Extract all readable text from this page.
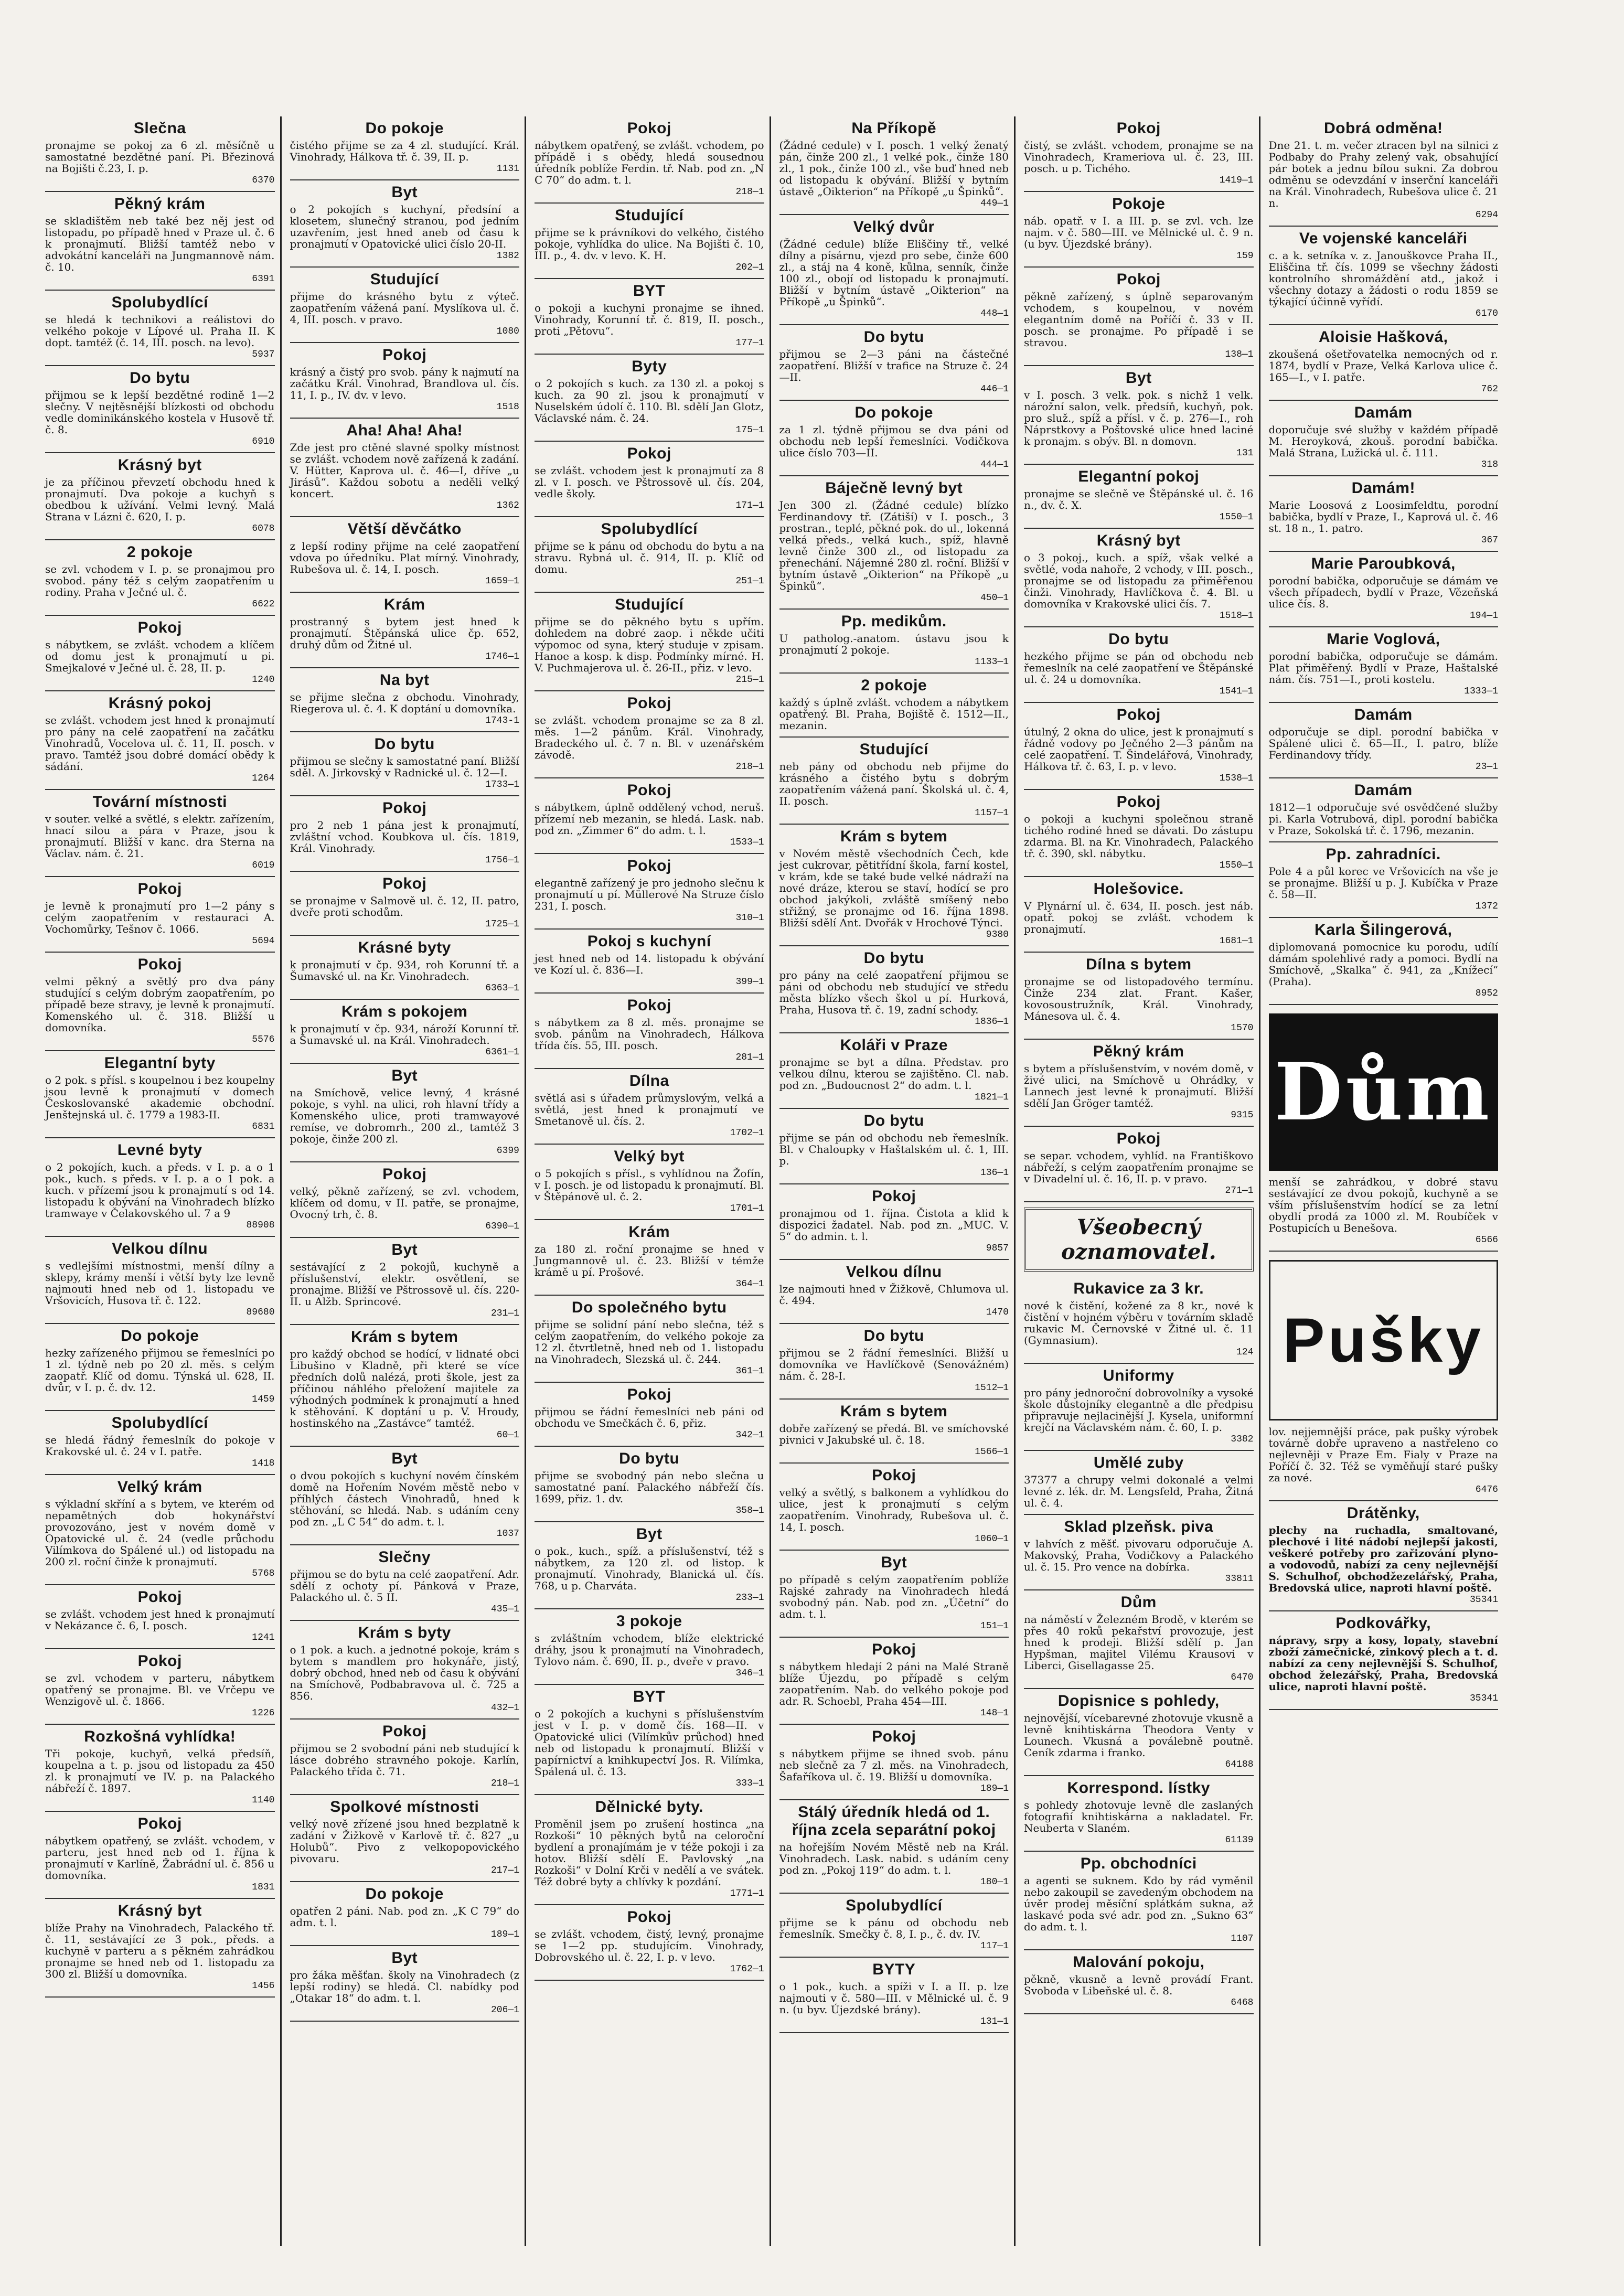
Slečna

pronajme se pokoj za 6 zl. měsíčně u samostatné bezdětné paní. Pi. Březinová na Bojišti č.23, I. p.

6370
Pěkný krám

se skladištěm neb také bez něj jest od listopadu, po případě hned v Praze ul. č. 6 k pronajmutí. Bližší tamtéž nebo v advokátní kanceláři na Jungmannově nám. č. 10.

6391
Spolubydlící

se hledá k technikovi a reálistovi do velkého pokoje v Lípové ul. Praha II. K dopt. tamtéž (č. 14, III. posch. na levo).

5937
Do bytu

přijmou se k lepší bezdětné rodině 1—2 slečny. V nejtěsnější blízkosti od obchodu vedle dominikánského kostela v Husově tř. č. 8.

6910
Krásný byt

je za příčinou převzetí obchodu hned k pronajmutí. Dva pokoje a kuchyň s obedbou k užívání. Velmi levný. Malá Strana v Lázni č. 620, I. p.

6078
2 pokoje

se zvl. vchodem v I. p. se pronajmou pro svobod. pány též s celým zaopatřením u rodiny. Praha v Ječné ul. č.

6622
Pokoj

s nábytkem, se zvlášt. vchodem a klíčem od domu jest k pronajmutí u pi. Smejkalové v Ječné ul. č. 28, II. p.

1240
Krásný pokoj

se zvlášt. vchodem jest hned k pronajmutí pro pány na celé zaopatření na začátku Vinohradů, Vocelova ul. č. 11, II. posch. v pravo. Tamtéž jsou dobré domácí obědy k sádání.

1264
Tovární místnosti

v souter. velké a světlé, s elektr. zařízením, hnací silou a pára v Praze, jsou k pronajmutí. Bližší v kanc. dra Sterna na Václav. nám. č. 21.

6019
Pokoj

je levně k pronajmutí pro 1—2 pány s celým zaopatřením v restauraci A. Vochomůrky, Tešnov č. 1066.

5694
Pokoj

velmi pěkný a světlý pro dva pány studující s celým dobrým zaopatřením, po případě beze stravy, je levně k pronajmutí. Komenského ul. č. 318. Bližší u domovníka.

5576
Elegantní byty

o 2 pok. s přísl. s koupelnou i bez koupelny jsou levně k pronajmutí v domech Českoslovanské akademie obchodní. Jenštejnská ul. č. 1779 a 1983-II.

6831
Levné byty

o 2 pokojích, kuch. a předs. v I. p. a o 1 pok., kuch. s předs. v I. p. a o 1 pok. a kuch. v přízemí jsou k pronajmutí s od 14. listopadu k obývání na Vinohradech blízko tramwaye v Čelakovského ul. 7 a 9

88908
Velkou dílnu

s vedlejšími místnostmi, menší dílny a sklepy, krámy menší i větší byty lze levně najmouti hned neb od 1. listopadu ve Vršovicích, Husova tř. č. 122.

89680
Do pokoje

hezky zařízeného přijmou se řemeslníci po 1 zl. týdně neb po 20 zl. měs. s celým zaopatř. Klíč od domu. Týnská ul. 628, II. dvůr, v I. p. č. dv. 12.

1459
Spolubydlící

se hledá řádný řemeslník do pokoje v Krakovské ul. č. 24 v I. patře.

1418
Velký krám

s výkladní skříní a s bytem, ve kterém od nepamětných dob hokynářství provozováno, jest v novém domě v Opatovické ul. č. 24 (vedle průchodu Vilímkova do Spálené ul.) od listopadu na 200 zl. roční činže k pronajmutí.

5768
Pokoj

se zvlášt. vchodem jest hned k pronajmutí v Nekázance č. 6, I. posch.

1241
Pokoj

se zvl. vchodem v parteru, nábytkem opatřený se pronajme. Bl. ve Vrčepu ve Wenzigově ul. č. 1866.

1226
Rozkošná vyhlídka!

Tři pokoje, kuchyň, velká předsíň, koupelna a t. p. jsou od listopadu za 450 zl. k pronajmutí ve IV. p. na Palackého nábřeží č. 1897.

1140
Pokoj

nábytkem opatřený, se zvlášt. vchodem, v parteru, jest hned neb od 1. října k pronajmutí v Karlíně, Žabrádní ul. č. 856 u domovníka.

1831
Krásný byt

blíže Prahy na Vinohradech, Palackého tř. č. 11, sestávající ze 3 pok., předs. a kuchyně v parteru a s pěkném zahrádkou pronajme se hned neb od 1. listopadu za 300 zl. Bližší u domovníka.

1456
Do pokoje

čistého přijme se za 4 zl. studující. Král. Vinohrady, Hálkova tř. č. 39, II. p.

1131
Byt

o 2 pokojích s kuchyní, předsíní a klosetem, slunečný stranou, pod jedním uzavřením, jest hned aneb od času k pronajmutí v Opatovické ulici číslo 20-II.

1382
Studující

přijme do krásného bytu z výteč. zaopatřením vážená paní. Myslíkova ul. č. 4, III. posch. v pravo.

1080
Pokoj

krásný a čistý pro svob. pány k najmutí na začátku Král. Vinohrad, Brandlova ul. čís. 11, I. p., IV. dv. v levo.

1518
Aha! Aha! Aha!

Zde jest pro ctěné slavné spolky místnost se zvlášt. vchodem nově zařízená k zadání. V. Hütter, Kaprova ul. č. 46—I, dříve „u Jirásů“. Každou sobotu a neděli velký koncert.

1362
Větší děvčátko

z lepší rodiny přijme na celé zaopatření vdova po úředníku. Plat mírný. Vinohrady, Rubešova ul. č. 14, I. posch.

1659—1
Krám

prostranný s bytem jest hned k pronajmutí. Štěpánská ulice čp. 652, druhý dům od Žitné ul.

1746—1
Na byt

se přijme slečna z obchodu. Vinohrady, Riegerova ul. č. 4. K doptání u domovníka.

1743-1
Do bytu

přijmou se slečny k samostatné paní. Bližší sděl. A. Jirkovský v Radnické ul. č. 12—I.

1733—1
Pokoj

pro 2 neb 1 pána jest k pronajmutí, zvláštní vchod. Koubkova ul. čís. 1819, Král. Vinohrady.

1756—1
Pokoj

se pronajme v Salmově ul. č. 12, II. patro, dveře proti schodům.

1725—1
Krásné byty

k pronajmutí v čp. 934, roh Korunní tř. a Šumavské ul. na Kr. Vinohradech.

6363—1
Krám s pokojem

k pronajmutí v čp. 934, nároží Korunní tř. a Šumavské ul. na Král. Vinohradech.

6361—1
Byt

na Smíchově, velice levný, 4 krásné pokoje, s vyhl. na ulici, roh hlavní třídy a Komenského ulice, proti tramwayové remíse, ve dobromrh., 200 zl., tamtéž 3 pokoje, činže 200 zl.

6399
Pokoj

velký, pěkně zařízený, se zvl. vchodem, klíčem od domu, v II. patře, se pronajme, Ovocný trh, č. 8.

6390—1
Byt

sestávající z 2 pokojů, kuchyně a příslušenství, elektr. osvětlení, se pronajme. Bližší ve Pštrossově ul. čís. 220-II. u Alžb. Sprincové.

231—1
Krám s bytem

pro každý obchod se hodící, v lidnaté obci Libušino v Kladně, při které se více předních dolů nalézá, proti škole, jest za příčinou náhlého přeložení majitele za výhodných podmínek k pronajmutí a hned k stěhování. K doptání u p. V. Hroudy, hostinského na „Zastávce“ tamtéž.

60—1
Byt

o dvou pokojích s kuchyní novém čínském domě na Hořením Novém městě nebo v příhlých částech Vinohradů, hned k stěhování, se hledá. Nab. s udáním ceny pod zn. „L C 54“ do adm. t. l.

1037
Slečny

přijmou se do bytu na celé zaopatření. Adr. sdělí z ochoty pí. Pánková v Praze, Palackého ul. č. 5 II.

435—1
Krám s byty

o 1 pok. a kuch. a jednotné pokoje, krám s bytem s mandlem pro hokynáře, jistý, dobrý obchod, hned neb od času k obývání na Smíchově, Podbabravova ul. č. 725 a 856.

432—1
Pokoj

přijmou se 2 svobodní páni neb studující k lásce dobrého stravného pokoje. Karlín, Palackého třída č. 71.

218—1
Spolkové místnosti

velký nově zřízené jsou hned bezplatně k zadání v Žižkově v Karlově tř. č. 827 „u Holubů“. Pivo z velkopopovického pivovaru.

217—1
Do pokoje

opatřen 2 páni. Nab. pod zn. „K C 79“ do adm. t. l.

189—1
Byt

pro žáka měšťan. školy na Vinohradech (z lepší rodiny) se hledá. Cl. nabídky pod „Otakar 18“ do adm. t. l.

206—1
Pokoj

nábytkem opatřený, se zvlášt. vchodem, po přípádě i s obědy, hledá sousednou úředník poblíže Ferdin. tř. Nab. pod zn. „N C 70“ do adm. t. l.

218—1
Studující

přijme se k právníkovi do velkého, čistého pokoje, vyhlídka do ulice. Na Bojišti č. 10, III. p., 4. dv. v levo. K. H.

202—1
BYT

o pokoji a kuchyni pronajme se ihned. Vinohrady, Korunní tř. č. 819, II. posch., proti „Pětovu“.

177—1
Byty

o 2 pokojích s kuch. za 130 zl. a pokoj s kuch. za 90 zl. jsou k pronajmutí v Nuselském údolí č. 110. Bl. sdělí Jan Glotz, Václavské nám. č. 24.

175—1
Pokoj

se zvlášt. vchodem jest k pronajmutí za 8 zl. v I. posch. ve Pštrossově ul. čís. 204, vedle školy.

171—1
Spolubydlící

přijme se k pánu od obchodu do bytu a na stravu. Rybná ul. č. 914, II. p. Klíč od domu.

251—1
Studující

přijme se do pěkného bytu s upřím. dohledem na dobré zaop. i někde učiti výpomoc od syna, který studuje v zpisam. Hanoe a kosp. k disp. Podmínky mírné. H. V. Puchmajerova ul. č. 26-II., přiz. v levo.

215—1
Pokoj

se zvlášt. vchodem pronajme se za 8 zl. měs. 1—2 pánům. Král. Vinohrady, Bradeckého ul. č. 7 n. Bl. v uzenářském závodě.

218—1
Pokoj

s nábytkem, úplně oddělený vchod, neruš. přízemí neb mezanin, se hledá. Lask. nab. pod zn. „Zimmer 6“ do adm. t. l.

1533—1
Pokoj

elegantně zařízený je pro jednoho slečnu k pronajmutí u pí. Müllerové Na Struze číslo 231, I. posch.

310—1
Pokoj s kuchyní

jest hned neb od 14. listopadu k obývání ve Kozí ul. č. 836—I.

399—1
Pokoj

s nábytkem za 8 zl. měs. pronajme se svob. pánům na Vinohradech, Hálkova třída čís. 55, III. posch.

281—1
Dílna

světlá asi s úřadem průmyslovým, velká a světlá, jest hned k pronajmutí ve Smetanově ul. čís. 2.

1702—1
Velký byt

o 5 pokojích s přísl., s vyhlídnou na Žofín, v I. posch. je od listopadu k pronajmutí. Bl. v Štěpánově ul. č. 2.

1701—1
Krám

za 180 zl. roční pronajme se hned v Jungmannově ul. č. 23. Bližší v témže krámě u pí. Prošové.

364—1
Do společného bytu

přijme se solidní pání nebo slečna, též s celým zaopatřením, do velkého pokoje za 12 zl. čtvrtletně, hned neb od 1. listopadu na Vinohradech, Slezská ul. č. 244.

361—1
Pokoj

přijmou se řádní řemeslníci neb páni od obchodu ve Smečkách č. 6, přiz.

342—1
Do bytu

přijme se svobodný pán nebo slečna u samostatné paní. Palackého nábřeží čís. 1699, přiz. 1. dv.

358—1
Byt

o pok., kuch., spíž. a příslušenství, též s nábytkem, za 120 zl. od listop. k pronajmutí. Vinohrady, Blanická ul. čís. 768, u p. Charváta.

233—1
3 pokoje

s zvláštním vchodem, blíže elektrické dráhy, jsou k pronajmutí na Vinohradech, Tylovo nám. č. 690, II. p., dveře v pravo.

346—1
BYT

o 2 pokojích a kuchyni s příslušenstvím jest v I. p. v domě čís. 168—II. v Opatovické ulici (Vilímkův průchod) hned neb od listopadu k pronajmutí. Bližší v papírnictví a knihkupectví Jos. R. Vilímka, Spálená ul. č. 13.

333—1
Dělnické byty.

Proměnil jsem po zrušení hostinca „na Rozkoši“ 10 pěkných bytů na celoroční bydlení a pronajímám je v téže pokoji i za hotov. Bližší sdělí E. Pavlovský „na Rozkoši“ v Dolní Krči v nedělí a ve svátek. Též dobré byty a chlívky k pozdání.

1771—1
Pokoj

se zvlášt. vchodem, čistý, levný, pronajme se 1—2 pp. studujícím. Vinohrady, Dobrovského ul. č. 22, I. p. v levo.

1762—1
Na Příkopě

(Žádné cedule) v I. posch. 1 velký ženatý pán, činže 200 zl., 1 velké pok., činže 180 zl., 1 pok., činže 100 zl., vše buď hned neb od listopadu k obývání. Bližší v bytním ústavě „Oikterion“ na Příkopě „u Špinků“.

449—1
Velký dvůr

(Žádné cedule) blíže Eliščiny tř., velké dílny a písárnu, vjezd pro sebe, činže 600 zl., a stáj na 4 koně, kůlna, senník, činže 100 zl., obojí od listopadu k pronajmutí. Bližší v bytním ústavě „Oikterion“ na Příkopě „u Špinků“.

448—1
Do bytu

přijmou se 2—3 páni na částečné zaopatření. Bližší v trafice na Struze č. 24—II.

446—1
Do pokoje

za 1 zl. týdně přijmou se dva páni od obchodu neb lepší řemeslníci. Vodičkova ulice číslo 703—II.

444—1
Báječně levný byt

Jen 300 zl. (Žádné cedule) blízko Ferdinandovy tř. (Zátiší) v I. posch., 3 prostran., teplé, pěkné pok. do ul., lokenná velká předs., velká kuch., spíž, hlavně levně činže 300 zl., od listopadu za přenechání. Nájemné 280 zl. roční. Bližší v bytním ústavě „Oikterion“ na Příkopě „u Špinků“.

450—1
Pp. medikům.

U patholog.-anatom. ústavu jsou k pronajmutí 2 pokoje.

1133—1
2 pokoje

každý s úplně zvlášt. vchodem a nábytkem opatřený. Bl. Praha, Bojiště č. 1512—II., mezanin.

Studující

neb pány od obchodu neb přijme do krásného a čistého bytu s dobrým zaopatřením vážená paní. Školská ul. č. 4, II. posch.

1157—1
Krám s bytem

v Novém městě všechodních Čech, kde jest cukrovar, pětitřídní škola, farní kostel, v krám, kde se také bude velké nádraží na nové dráze, kterou se staví, hodící se pro obchod jakýkoli, zvláště smíšený nebo střižný, se pronajme od 16. října 1898. Bližší sdělí Ant. Dvořák v Hrochové Týnci.

9380
Do bytu

pro pány na celé zaopatření přijmou se páni od obchodu neb studující ve středu města blízko všech škol u pí. Hurková, Praha, Husova tř. č. 19, zadní schody.

1836—1
Koláři v Praze

pronajme se byt a dílna. Představ. pro velkou dílnu, kterou se zajištěno. Cl. nab. pod zn. „Budoucnost 2“ do adm. t. l.

1821—1
Do bytu

přijme se pán od obchodu neb řemeslník. Bl. v Chaloupky v Haštalském ul. č. 1, III. p.

136—1
Pokoj

pronajmou od 1. října. Čistota a klid k dispozici žadatel. Nab. pod zn. „MUC. V. 5“ do admin. t. l.

9857
Velkou dílnu

lze najmouti hned v Žižkově, Chlumova ul. č. 494.

1470
Do bytu

přijmou se 2 řádní řemeslníci. Bližší u domovníka ve Havlíčkově (Senovážném) nám. č. 28-I.

1512—1
Krám s bytem

dobře zařízený se předá. Bl. ve smíchovské pivnici v Jakubské ul. č. 18.

1566—1
Pokoj

velký a světlý, s balkonem a vyhlídkou do ulice, jest k pronajmutí s celým zaopatřením. Vinohrady, Rubešova ul. č. 14, I. posch.

1060—1
Byt

po případě s celým zaopatřením poblíže Rajské zahrady na Vinohradech hledá svobodný pán. Nab. pod zn. „Účetní“ do adm. t. l.

151—1
Pokoj

s nábytkem hledají 2 páni na Malé Straně blíže Újezdu, po případě s celým zaopatřením. Nab. do velkého pokoje pod adr. R. Schoebl, Praha 454—III.

148—1
Pokoj

s nábytkem přijme se ihned svob. pánu neb slečně za 7 zl. měs. na Vinohradech, Šafaříkova ul. č. 19. Bližší u domovníka.

189—1
Stálý úředník hledá od 1. října zcela separátní pokoj

na hořejším Novém Městě neb na Král. Vinohradech. Lask. nabid. s udáním ceny pod zn. „Pokoj 119“ do adm. t. l.

180—1
Spolubydlící

přijme se k pánu od obchodu neb řemeslník. Smečky č. 8, I. p., č. dv. IV.

117—1
BYTY

o 1 pok., kuch. a spíži v I. a II. p. lze najmouti v č. 580—III. v Mělnické ul. č. 9 n. (u byv. Újezdské brány).

131—1
Pokoj

čistý, se zvlášt. vchodem, pronajme se na Vinohradech, Krameriova ul. č. 23, III. posch. u p. Tichého.

1419—1
Pokoje

náb. opatř. v I. a III. p. se zvl. vch. lze najm. v č. 580—III. ve Mělnické ul. č. 9 n. (u byv. Újezdské brány).

159
Pokoj

pěkně zařízený, s úplně separovaným vchodem, s koupelnou, v novém elegantním domě na Poříčí č. 33 v II. posch. se pronajme. Po případě i se stravou.

138—1
Byt

v I. posch. 3 velk. pok. s nichž 1 velk. nárožní salon, velk. předsíň, kuchyň, pok. pro služ., spíž a přísl. v č. p. 276—I., roh Náprstkovy a Poštovské ulice hned laciné k pronajm. s obýv. Bl. n domovn.

131
Elegantní pokoj

pronajme se slečně ve Štěpánské ul. č. 16 n., dv. č. X.

1550—1
Krásný byt

o 3 pokoj., kuch. a spíž, však velké a světlé, voda nahoře, 2 vchody, v III. posch., pronajme se od listopadu za přiměřenou činži. Vinohrady, Havlíčkova č. 4. Bl. u domovníka v Krakovské ulici čís. 7.

1518—1
Do bytu

hezkého přijme se pán od obchodu neb řemeslník na celé zaopatření ve Štěpánské ul. č. 24 u domovníka.

1541—1
Pokoj

útulný, 2 okna do ulice, jest k pronajmutí s řádně vodovy po Ječného 2—3 pánům na celé zaopatření. T. Šindelářová, Vinohrady, Hálkova tř. č. 63, I. p. v levo.

1538—1
Pokoj

o pokoji a kuchyni společnou straně tichého rodiné hned se dávati. Do zástupu zdarma. Bl. na Kr. Vinohradech, Palackého tř. č. 390, skl. nábytku.

1550—1
Holešovice.

V Plynární ul. č. 634, II. posch. jest náb. opatř. pokoj se zvlášt. vchodem k pronajmutí.

1681—1
Dílna s bytem

pronajme se od listopadového termínu. Činže 234 zlat. Frant. Kašer, kovosoustružník, Král. Vinohrady, Mánesova ul. č. 4.

1570
Pěkný krám

s bytem a příslušenstvím, v novém domě, v živé ulici, na Smíchově u Ohrádky, v Lannech jest levné k pronajmutí. Bližší sdělí Jan Gröger tamtéž.

9315
Pokoj

se separ. vchodem, vyhlíd. na Františkovo nábřeží, s celým zaopatřením pronajme se v Divadelní ul. č. 16, II. p. v pravo.

271—1
Všeobecný oznamovatel.
Rukavice za 3 kr.

nové k čistění, kožené za 8 kr., nové k čistění v hojném výběru v továrním skladě rukavic M. Černovské v Žitné ul. č. 11 (Gymnasium).

124
Uniformy

pro pány jednoroční dobrovolníky a vysoké škole důstojníky elegantně a dle předpisu připravuje nejlacinější J. Kysela, uniformní krejčí na Václavském nám. č. 60, I. p.

3382
Umělé zuby

37377 a chrupy velmi dokonalé a velmi levné z. lék. dr. M. Lengsfeld, Praha, Žitná ul. č. 4.

Sklad plzeňsk. piva

v lahvích z měšť. pivovaru odporučuje A. Makovský, Praha, Vodičkovy a Palackého ul. č. 15. Pro vence na dobírka.

33811
Dům

na náměstí v Železném Brodě, v kterém se přes 40 roků pekařství provozuje, jest hned k prodeji. Bližší sdělí p. Jan Hypšman, majitel Vilému Krausovi v Liberci, Gisellagasse 25.

6470
Dopisnice s pohledy,

nejnovější, vícebarevné zhotovuje vkusně a levně knihtiskárna Theodora Venty v Lounech. Vkusná a poválebně poutně. Ceník zdarma i franko.

64188
Korrespond. lístky

s pohledy zhotovuje levně dle zaslaných fotografií knihtiskárna a nakladatel. Fr. Neuberta v Slaném.

61139
Pp. obchodníci

a agenti se suknem. Kdo by rád vyměnil nebo zakoupil se zavedeným obchodem na úvěr prodej měsíční splátkám sukna, až laskavé poda své adr. pod zn. „Sukno 63“ do adm. t. l.

1107
Malování pokoju,

pěkně, vkusně a levně provádí Frant. Svoboda v Libeňské ul. č. 8.

6468
Dobrá odměna!

Dne 21. t. m. večer ztracen byl na silnici z Podbaby do Prahy zelený vak, obsahující pár botek a jednu bílou sukni. Za dobrou odměnu se odevzdání v inserční kanceláři na Král. Vinohradech, Rubešova ulice č. 21 n.

6294
Ve vojenské kanceláři

c. a k. setníka v. z. Janouškovce Praha II., Eliščina tř. čís. 1099 se všechny žádosti kontrolního shromáždění atd., jakož i všechny dotazy a žádosti o rodu 1859 se týkající účinně vyřídí.

6170
Aloisie Hašková,

zkoušená ošetřovatelka nemocných od r. 1874, bydlí v Praze, Velká Karlova ulice č. 165—I., v I. patře.

762
Damám

doporučuje své služby v každém případě M. Heroyková, zkouš. porodní babička. Malá Strana, Lužická ul. č. 111.

318
Damám!

Marie Loosová z Loosimfeldtu, porodní babička, bydlí v Praze, I., Kaprová ul. č. 46 st. 18 n., 1. patro.

367
Marie Paroubková,

porodní babička, odporučuje se dámám ve všech případech, bydlí v Praze, Vězeňská ulice čís. 8.

194—1
Marie Voglová,

porodní babička, odporučuje se dámám. Plat přiměřený. Bydlí v Praze, Haštalské nám. čís. 751—I., proti kostelu.

1333—1
Damám

odporučuje se dipl. porodní babička v Spálené ulici č. 65—II., I. patro, blíže Ferdinandovy třídy.

23—1
Damám

1812—1 odporučuje své osvědčené služby pi. Karla Votrubová, dipl. porodní babička v Praze, Sokolská tř. č. 1796, mezanin.

Pp. zahradníci.

Pole 4 a půl korec ve Vršovicích na vše je se pronajme. Bližší u p. J. Kubíčka v Praze č. 58—II.

1372
Karla Šilingerová,

diplomovaná pomocnice ku porodu, udílí dámám spolehlivé rady a pomoci. Bydlí na Smíchově, „Skalka“ č. 941, za „Knížecí“ (Praha).

8952
Dům

menší se zahrádkou, v dobré stavu sestávající ze dvou pokojů, kuchyně a se vším příslušenstvím hodící se za letní obydlí prodá za 1000 zl. M. Roubíček v Postupicích u Benešova.

6566
Pušky

lov. nejjemnější práce, pak pušky výrobek továrně dobře upraveno a nastřeleno co nejlevněji v Praze Em. Fialy v Praze na Poříčí č. 32. Též se vyměňují staré pušky za nové.

6476
Drátěnky,

plechy na ruchadla, smaltované, plechové i lité nádobí nejlepší jakosti, veškeré potřeby pro zařizování plyno- a vodovodů, nabízí za ceny nejlevnější S. Schulhof, obchodžezelářský, Praha, Bredovská ulice, naproti hlavní poště.

35341
Podkovářky,

nápravy, srpy a kosy, lopaty, stavební zboží zámečnické, zinkový plech a t. d. nabízí za ceny nejlevnější S. Schulhof, obchod železářský, Praha, Bredovská ulice, naproti hlavní poště.

35341
